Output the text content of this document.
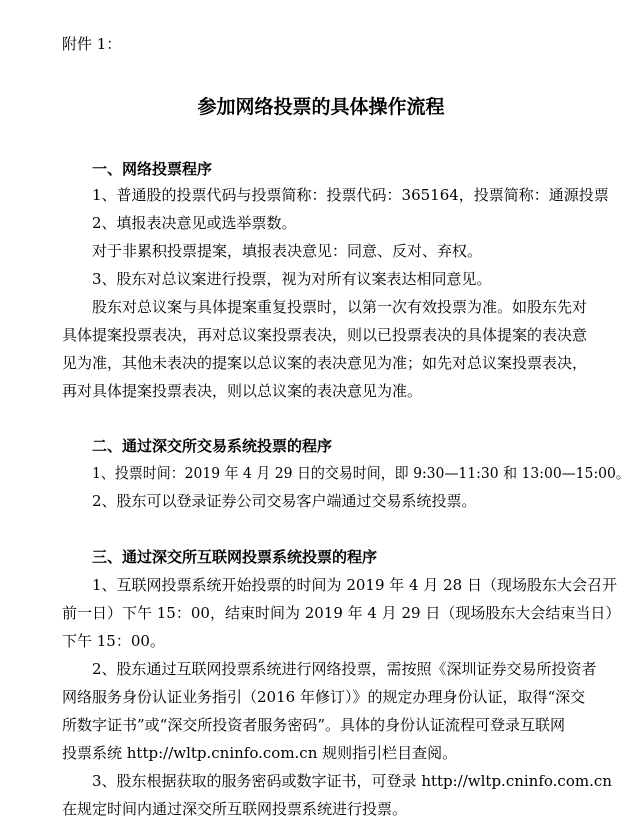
附件 1：
参加网络投票的具体操作流程
一、网络投票程序
1、普通股的投票代码与投票简称：投票代码：365164，投票简称：通源投票
2、填报表决意见或选举票数。
对于非累积投票提案，填报表决意见：同意、反对、弃权。
3、股东对总议案进行投票，视为对所有议案表达相同意见。
股东对总议案与具体提案重复投票时，以第一次有效投票为准。如股东先对
具体提案投票表决，再对总议案投票表决，则以已投票表决的具体提案的表决意
见为准，其他未表决的提案以总议案的表决意见为准；如先对总议案投票表决，
再对具体提案投票表决，则以总议案的表决意见为准。
二、通过深交所交易系统投票的程序
1、投票时间：2019 年 4 月 29 日的交易时间，即 9:30—11:30 和 13:00—15:00。
2、股东可以登录证券公司交易客户端通过交易系统投票。
三、通过深交所互联网投票系统投票的程序
1、互联网投票系统开始投票的时间为 2019 年 4 月 28 日（现场股东大会召开
前一日）下午 15：00，结束时间为 2019 年 4 月 29 日（现场股东大会结束当日）
下午 15：00。
2、股东通过互联网投票系统进行网络投票，需按照《深圳证券交易所投资者
网络服务身份认证业务指引（2016 年修订）》的规定办理身份认证，取得“深交
所数字证书”或“深交所投资者服务密码”。具体的身份认证流程可登录互联网
投票系统 http://wltp.cninfo.com.cn 规则指引栏目查阅。
3、股东根据获取的服务密码或数字证书，可登录 http://wltp.cninfo.com.cn
在规定时间内通过深交所互联网投票系统进行投票。
